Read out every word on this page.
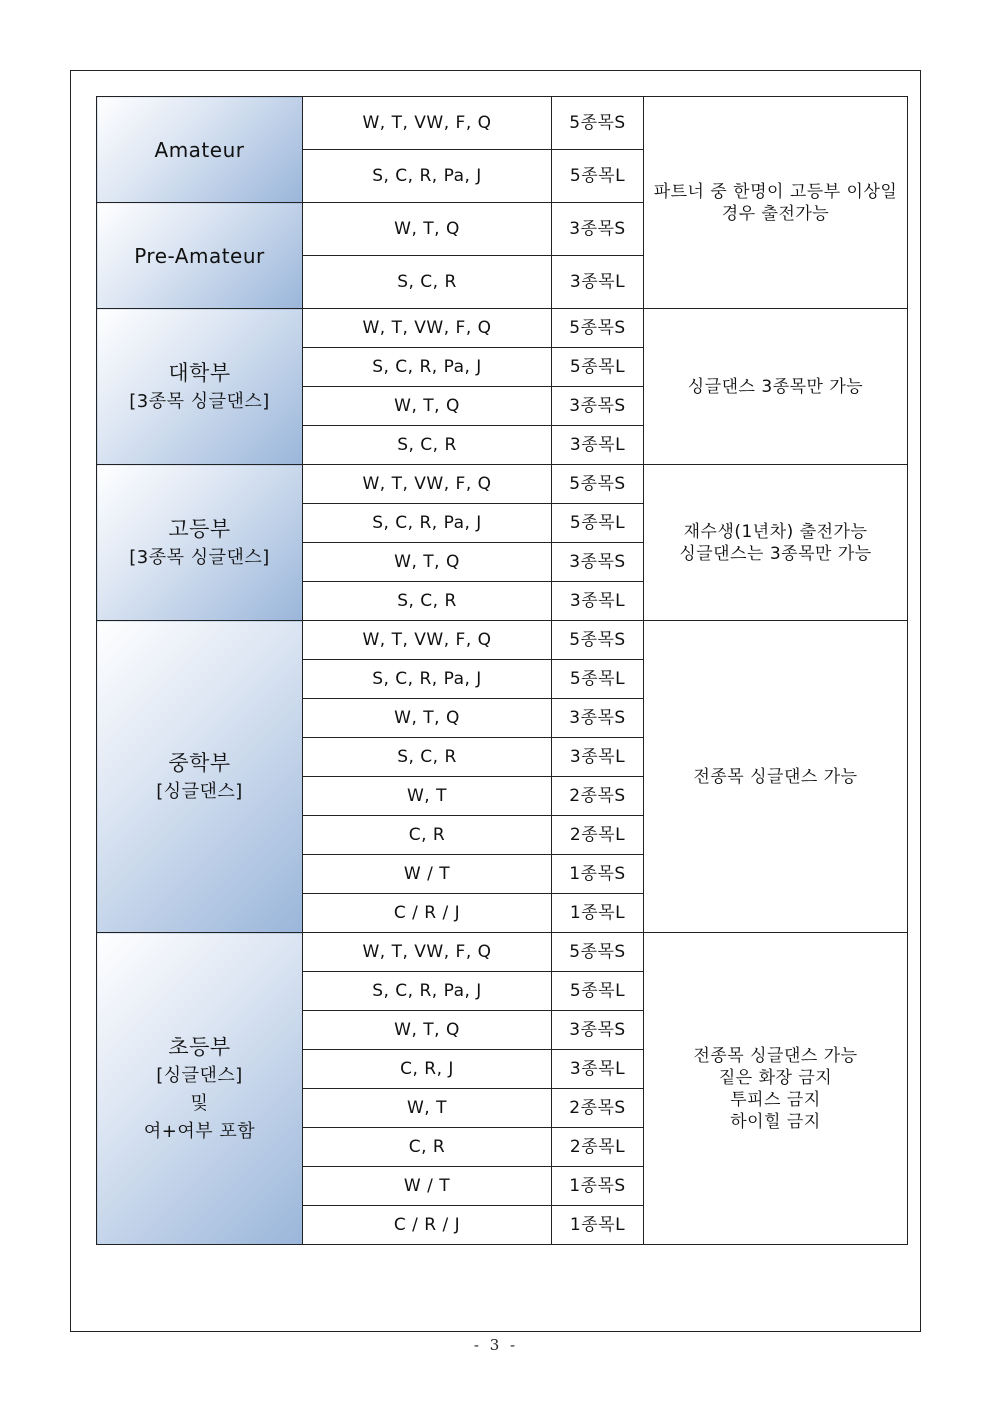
Amateur	W, T, VW, F, Q	5종목S	파트너 중 한명이 고등부 이상일
경우 출전가능

	S, C, R, Pa, J	5종목L	

Pre-Amateur	W, T, Q	3종목S	
	S, C, R	3종목L	

대학부
[3종목 싱글댄스]	W, T, VW, F, Q	5종목S	싱글댄스 3종목만 가능

	S, C, R, Pa, J	5종목L	
	W, T, Q	3종목S	
	S, C, R	3종목L	

고등부
[3종목 싱글댄스]	W, T, VW, F, Q	5종목S	재수생(1년차) 출전가능
싱글댄스는 3종목만 가능

	S, C, R, Pa, J	5종목L	
	W, T, Q	3종목S	
	S, C, R	3종목L	

중학부
[싱글댄스]	W, T, VW, F, Q	5종목S	전종목 싱글댄스 가능

	S, C, R, Pa, J	5종목L	
	W, T, Q	3종목S	
	S, C, R	3종목L	
	W, T	2종목S	
	C, R	2종목L	
	W / T	1종목S	
	C / R / J	1종목L	

초등부
[싱글댄스]
및
여+여부 포함	W, T, VW, F, Q	5종목S	전종목 싱글댄스 가능
짙은 화장 금지
투피스 금지
하이힐 금지

	S, C, R, Pa, J	5종목L	
	W, T, Q	3종목S	
	C, R, J	3종목L	
	W, T	2종목S	
	C, R	2종목L	
	W / T	1종목S	
	C / R / J	1종목L	
- 3 -
